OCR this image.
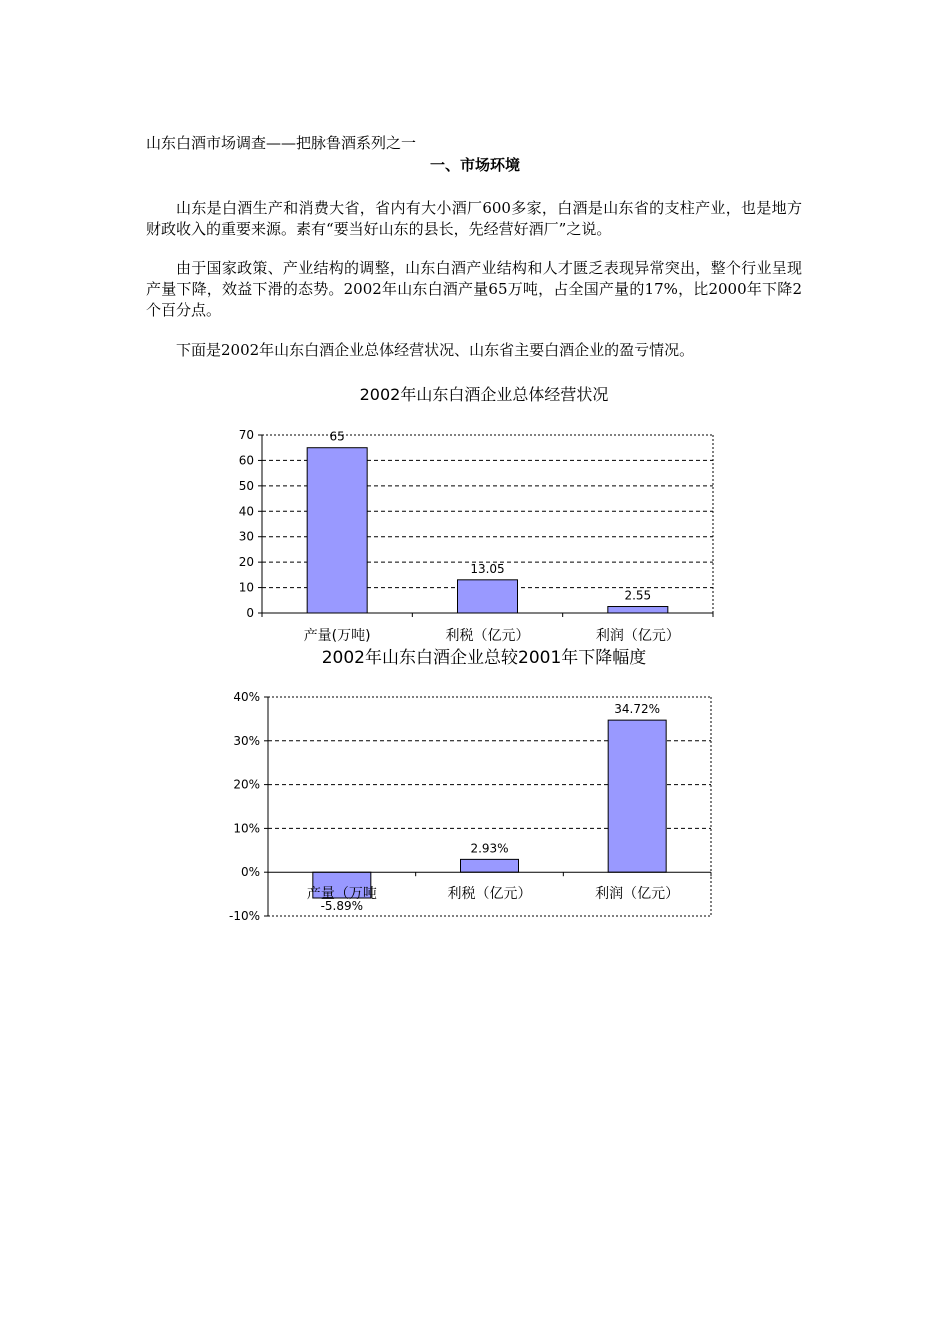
山东白酒市场调查——把脉鲁酒系列之一
一、市场环境

山东是白酒生产和消费大省，省内有大小酒厂600多家，白酒是山东省的支柱产业，也是地方财政收入的重要来源。素有“要当好山东的县长，先经营好酒厂”之说。

由于国家政策、产业结构的调整，山东白酒产业结构和人才匮乏表现异常突出，整个行业呈现产量下降，效益下滑的态势。2002年山东白酒产量65万吨，占全国产量的17%，比2000年下降2个百分点。

下面是2002年山东白酒企业总体经营状况、山东省主要白酒企业的盈亏情况。

2002年山东白酒企业总体经营状况
0
10
20
30
40
50
60
70	65
产量(万吨)
13.05
利税（亿元）
2.55
利润（亿元）
2002年山东白酒企业总较2001年下降幅度
-10%
0%
10%
20%
30%
40%
-5.89%
产量（万吨
2.93%
利税（亿元）
34.72%
利润（亿元）
